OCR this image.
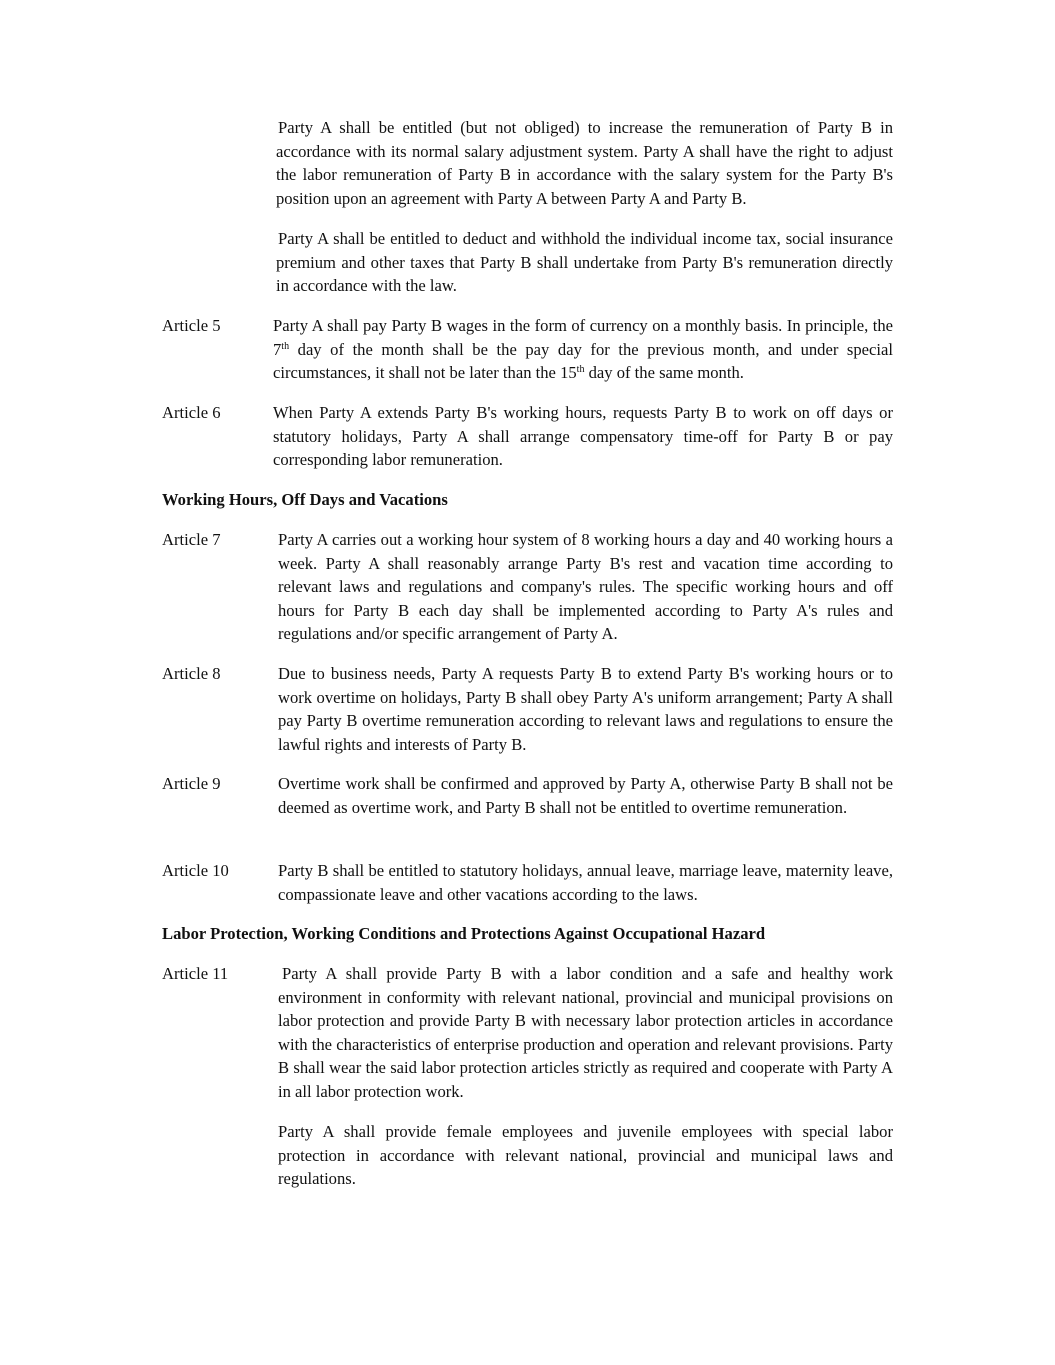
Party A shall be entitled (but not obliged) to increase the remuneration of Party B in accordance with its normal salary adjustment system. Party A shall have the right to adjust the labor remuneration of Party B in accordance with the salary system for the Party B's position upon an agreement with Party A between Party A and Party B.

Party A shall be entitled to deduct and withhold the individual income tax, social insurance premium and other taxes that Party B shall undertake from Party B's remuneration directly in accordance with the law.

Article 5	Party A shall pay Party B wages in the form of currency on a monthly basis. In principle, the 7th day of the month shall be the pay day for the previous month, and under special circumstances, it shall not be later than the 15th day of the same month.

Article 6	When Party A extends Party B's working hours, requests Party B to work on off days or statutory holidays, Party A shall arrange compensatory time-off for Party B or pay corresponding labor remuneration.

Working Hours, Off Days and Vacations
Article 7	Party A carries out a working hour system of 8 working hours a day and 40 working hours a week. Party A shall reasonably arrange Party B's rest and vacation time according to relevant laws and regulations and company's rules. The specific working hours and off hours for Party B each day shall be implemented according to Party A's rules and regulations and/or specific arrangement of Party A.

Article 8	Due to business needs, Party A requests Party B to extend Party B's working hours or to work overtime on holidays, Party B shall obey Party A's uniform arrangement; Party A shall pay Party B overtime remuneration according to relevant laws and regulations to ensure the lawful rights and interests of Party B.

Article 9	Overtime work shall be confirmed and approved by Party A, otherwise Party B shall not be deemed as overtime work, and Party B shall not be entitled to overtime remuneration.

Article 10	Party B shall be entitled to statutory holidays, annual leave, marriage leave, maternity leave, compassionate leave and other vacations according to the laws.

Labor Protection, Working Conditions and Protections Against Occupational Hazard
Article 11	Party A shall provide Party B with a labor condition and a safe and healthy work environment in conformity with relevant national, provincial and municipal provisions on labor protection and provide Party B with necessary labor protection articles in accordance with the characteristics of enterprise production and operation and relevant provisions. Party B shall wear the said labor protection articles strictly as required and cooperate with Party A in all labor protection work.

Party A shall provide female employees and juvenile employees with special labor protection in accordance with relevant national, provincial and municipal laws and regulations.
